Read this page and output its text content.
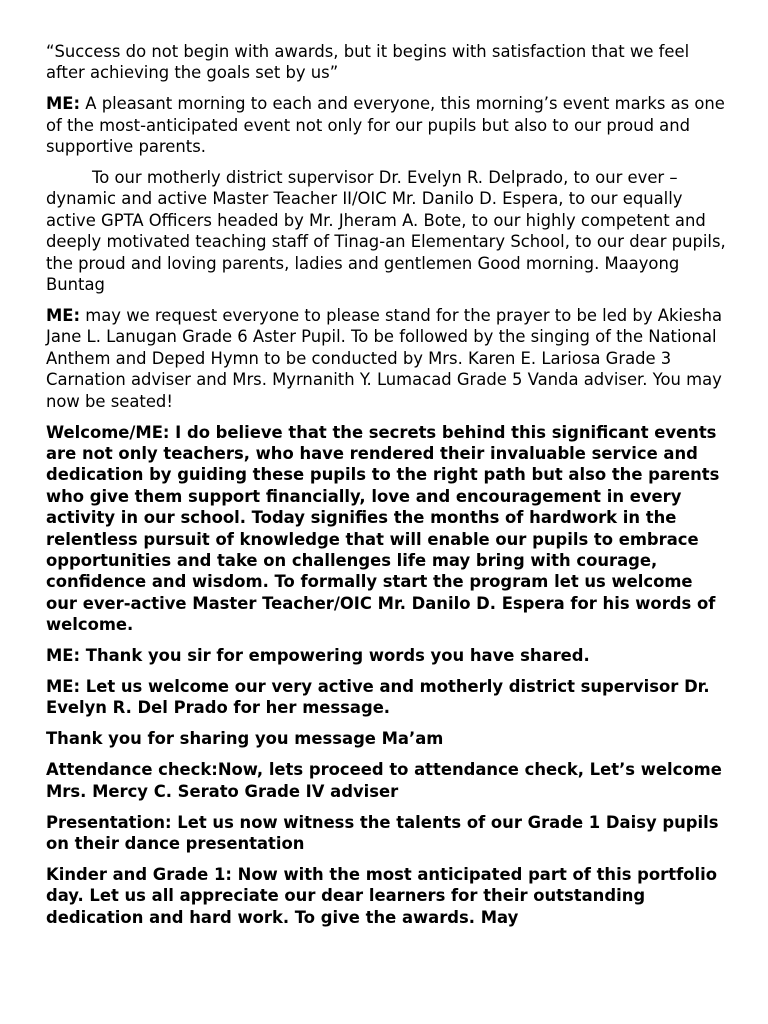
“Success do not begin with awards, but it begins with satisfaction that we feel after achieving the goals set by us”

ME: A pleasant morning to each and everyone, this morning’s event marks as one of the most-anticipated event not only for our pupils but also to our proud and supportive parents.

To our motherly district supervisor Dr. Evelyn R. Delprado, to our ever – dynamic and active Master Teacher II/OIC Mr. Danilo D. Espera, to our equally active GPTA Officers headed by Mr. Jheram A. Bote, to our highly competent and deeply motivated teaching staff of Tinag-an Elementary School, to our dear pupils, the proud and loving parents, ladies and gentlemen Good morning. Maayong Buntag

ME: may we request everyone to please stand for the prayer to be led by Akiesha Jane L. Lanugan Grade 6 Aster Pupil. To be followed by the singing of the National Anthem and Deped Hymn to be conducted by Mrs. Karen E. Lariosa Grade 3 Carnation adviser and Mrs. Myrnanith Y. Lumacad Grade 5 Vanda adviser. You may now be seated!

Welcome/ME: I do believe that the secrets behind this significant events are not only teachers, who have rendered their invaluable service and dedication by guiding these pupils to the right path but also the parents who give them support financially, love and encouragement in every activity in our school. Today signifies the months of hardwork in the relentless pursuit of knowledge that will enable our pupils to embrace opportunities and take on challenges life may bring with courage, confidence and wisdom. To formally start the program let us welcome our ever-active Master Teacher/OIC Mr. Danilo D. Espera for his words of welcome.

ME: Thank you sir for empowering words you have shared.

ME: Let us welcome our very active and motherly district supervisor Dr. Evelyn R. Del Prado for her message.

Thank you for sharing you message Ma’am

Attendance check:Now, lets proceed to attendance check, Let’s welcome Mrs. Mercy C. Serato Grade IV adviser

Presentation: Let us now witness the talents of our Grade 1 Daisy pupils on their dance presentation

Kinder and Grade 1: Now with the most anticipated part of this portfolio day. Let us all appreciate our dear learners for their outstanding dedication and hard work. To give the awards. May
